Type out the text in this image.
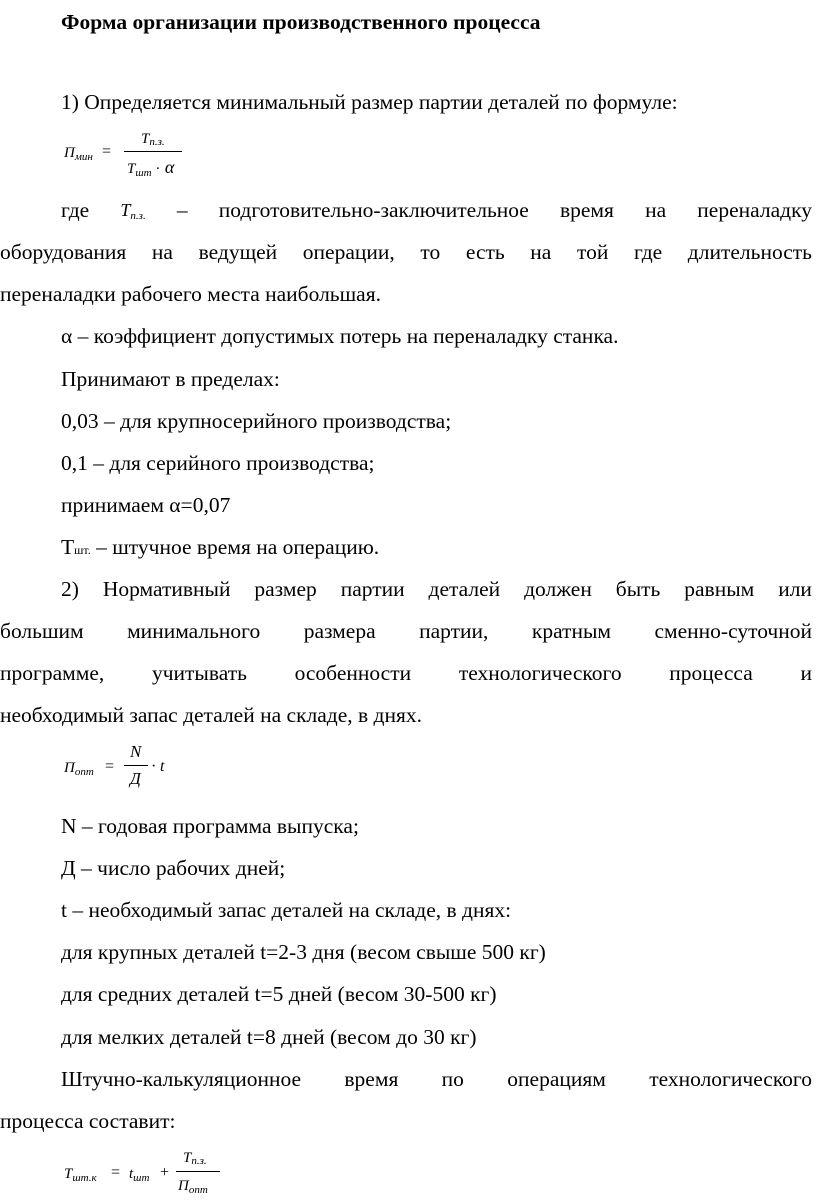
Форма организации производственного процесса
1) Определяется минимальный размер партии деталей по формуле:
$П_{мин}$ =
Тп.з.
$Т_{шт} \cdot \alpha$
где Тп.з. – подготовительно-заключительное время на переналадку
оборудования на ведущей операции, то есть на той где длительность
переналадки рабочего места наибольшая.
α – коэффициент допустимых потерь на переналадку станка.
Принимают в пределах:
0,03 – для крупносерийного производства;
0,1 – для серийного производства;
принимаем α=0,07
Тшт. – штучное время на операцию.
2) Нормативный размер партии деталей должен быть равным или
большим минимального размера партии, кратным сменно-суточной
программе, учитывать особенности технологического процесса и
необходимый запас деталей на складе, в днях.
$П_{опт}$ =
N
Д
· t
N – годовая программа выпуска;
Д – число рабочих дней;
t – необходимый запас деталей на складе, в днях:
для крупных деталей t=2-3 дня (весом свыше 500 кг)
для средних деталей t=5 дней (весом 30-500 кг)
для мелких деталей t=8 дней (весом до 30 кг)
Штучно-калькуляционное время по операциям технологического
процесса составит:
$Т_{шт.к} = t_{шт}$ +
Тп.з.
$П_{опт}$
